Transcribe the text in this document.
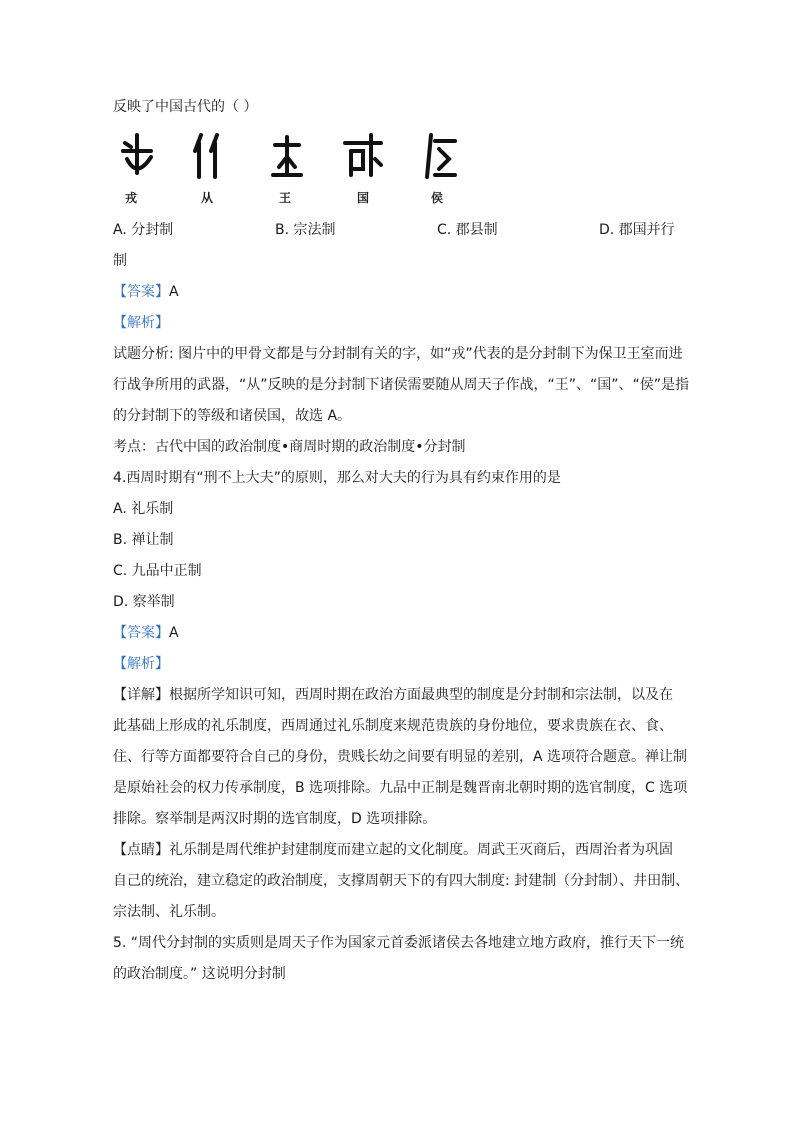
反映了中国古代的（ ）
戎	从	王	国	侯
A. 分封制	B. 宗法制	C. 郡县制	D. 郡国并行
制
【答案】A
【解析】
试题分析: 图片中的甲骨文都是与分封制有关的字，如“戎”代表的是分封制下为保卫王室而进
行战争所用的武器，“从”反映的是分封制下诸侯需要随从周天子作战，“王”、“国”、“侯”是指
的分封制下的等级和诸侯国，故选 A。
考点：古代中国的政治制度•商周时期的政治制度•分封制
4.西周时期有“刑不上大夫”的原则，那么对大夫的行为具有约束作用的是
A. 礼乐制
B. 禅让制
C. 九品中正制
D. 察举制
【答案】A
【解析】
【详解】根据所学知识可知，西周时期在政治方面最典型的制度是分封制和宗法制，以及在
此基础上形成的礼乐制度，西周通过礼乐制度来规范贵族的身份地位，要求贵族在衣、食、
住、行等方面都要符合自己的身份，贵贱长幼之间要有明显的差别，A 选项符合题意。禅让制
是原始社会的权力传承制度，B 选项排除。九品中正制是魏晋南北朝时期的选官制度，C 选项
排除。察举制是两汉时期的选官制度，D 选项排除。
【点睛】礼乐制是周代维护封建制度而建立起的文化制度。周武王灭商后，西周治者为巩固
自己的统治，建立稳定的政治制度，支撑周朝天下的有四大制度: 封建制（分封制）、井田制、
宗法制、礼乐制。
5. “周代分封制的实质则是周天子作为国家元首委派诸侯去各地建立地方政府，推行天下一统
的政治制度。” 这说明分封制
